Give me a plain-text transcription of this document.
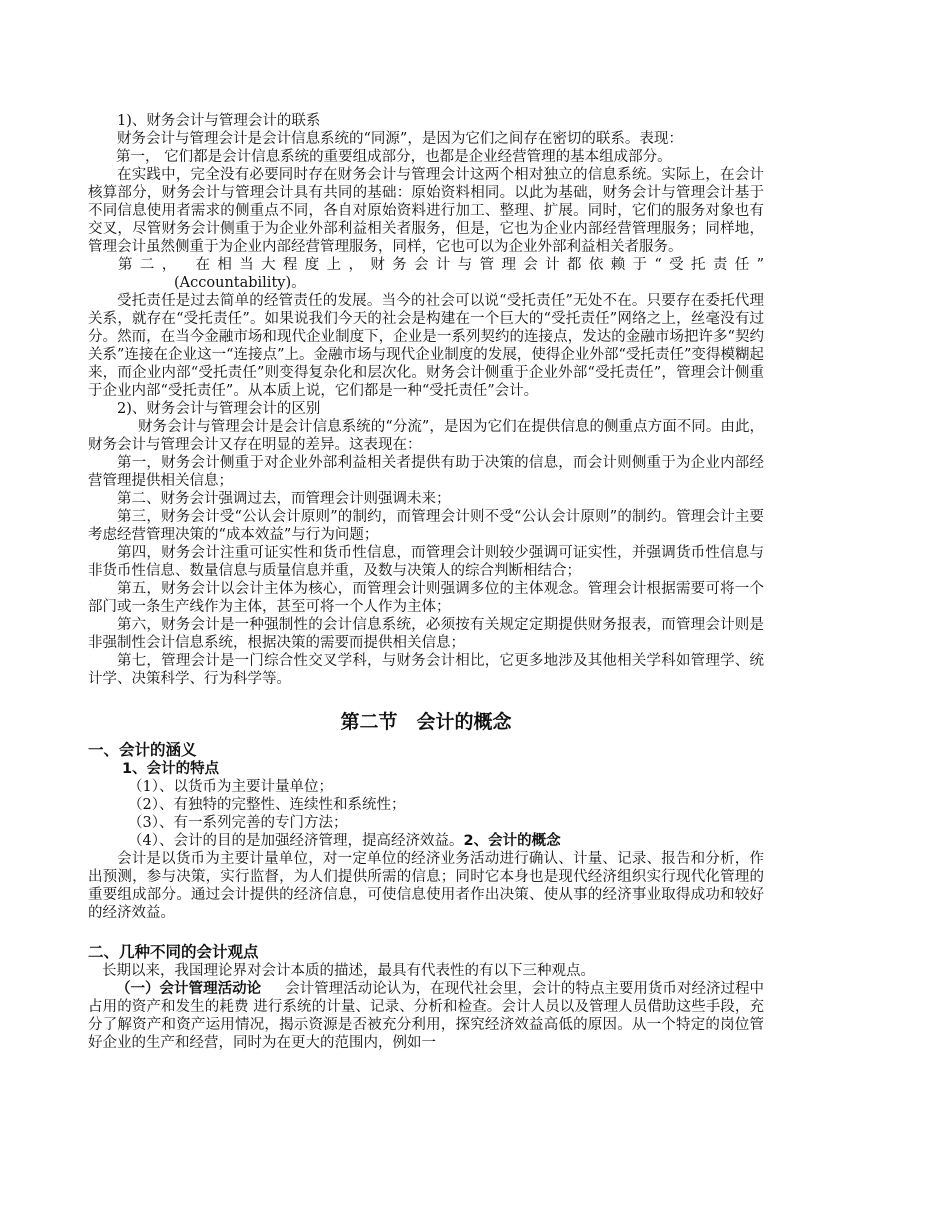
1)、财务会计与管理会计的联系

财务会计与管理会计是会计信息系统的“同源”，是因为它们之间存在密切的联系。表现：

第一， 它们都是会计信息系统的重要组成部分，也都是企业经营管理的基本组成部分。

在实践中，完全没有必要同时存在财务会计与管理会计这两个相对独立的信息系统。实际上，在会计核算部分，财务会计与管理会计具有共同的基础：原始资料相同。以此为基础，财务会计与管理会计基于不同信息使用者需求的侧重点不同，各自对原始资料进行加工、整理、扩展。同时，它们的服务对象也有交叉，尽管财务会计侧重于为企业外部利益相关者服务，但是，它也为企业内部经营管理服务；同样地，管理会计虽然侧重于为企业内部经营管理服务，同样，它也可以为企业外部利益相关者服务。

第二， 在相当大程度上，财务会计与管理会计都依赖于“受托责任”

(Accountability)。

受托责任是过去简单的经管责任的发展。当今的社会可以说“受托责任”无处不在。只要存在委托代理关系，就存在“受托责任”。如果说我们今天的社会是构建在一个巨大的“受托责任”网络之上，丝毫没有过分。然而，在当今金融市场和现代企业制度下，企业是一系列契约的连接点，发达的金融市场把许多“契约关系”连接在企业这一“连接点”上。金融市场与现代企业制度的发展，使得企业外部“受托责任”变得模糊起来，而企业内部“受托责任”则变得复杂化和层次化。财务会计侧重于企业外部“受托责任”，管理会计侧重于企业内部“受托责任”。从本质上说，它们都是一种“受托责任”会计。

2)、财务会计与管理会计的区别

财务会计与管理会计是会计信息系统的“分流”，是因为它们在提供信息的侧重点方面不同。由此，财务会计与管理会计又存在明显的差异。这表现在：

第一，财务会计侧重于对企业外部利益相关者提供有助于决策的信息，而会计则侧重于为企业内部经营管理提供相关信息；

第二、财务会计强调过去，而管理会计则强调未来；

第三，财务会计受“公认会计原则”的制约，而管理会计则不受“公认会计原则”的制约。管理会计主要考虑经营管理决策的“成本效益”与行为问题；

第四，财务会计注重可证实性和货币性信息，而管理会计则较少强调可证实性，并强调货币性信息与非货币性信息、数量信息与质量信息并重，及数与决策人的综合判断相结合；

第五，财务会计以会计主体为核心，而管理会计则强调多位的主体观念。管理会计根据需要可将一个部门或一条生产线作为主体，甚至可将一个人作为主体；

第六，财务会计是一种强制性的会计信息系统，必须按有关规定定期提供财务报表，而管理会计则是非强制性会计信息系统，根据决策的需要而提供相关信息；

第七，管理会计是一门综合性交叉学科，与财务会计相比，它更多地涉及其他相关学科如管理学、统计学、决策科学、行为科学等。

第二节　会计的概念

一、会计的涵义

1、会计的特点

（1）、以货币为主要计量单位；

（2）、有独特的完整性、连续性和系统性；

（3）、有一系列完善的专门方法；

（4）、会计的目的是加强经济管理，提高经济效益。2、会计的概念

会计是以货币为主要计量单位，对一定单位的经济业务活动进行确认、计量、记录、报告和分析，作出预测，参与决策，实行监督，为人们提供所需的信息；同时它本身也是现代经济组织实行现代化管理的重要组成部分。通过会计提供的经济信息，可使信息使用者作出决策、使从事的经济事业取得成功和较好的经济效益。

二、几种不同的会计观点

长期以来，我国理论界对会计本质的描述，最具有代表性的有以下三种观点。

（一）会计管理活动论 会计管理活动论认为，在现代社会里，会计的特点主要用货币对经济过程中占用的资产和发生的耗费 进行系统的计量、记录、分析和检查。会计人员以及管理人员借助这些手段，充分了解资产和资产运用情况，揭示资源是否被充分利用，探究经济效益高低的原因。从一个特定的岗位管好企业的生产和经营，同时为在更大的范围内，例如一
